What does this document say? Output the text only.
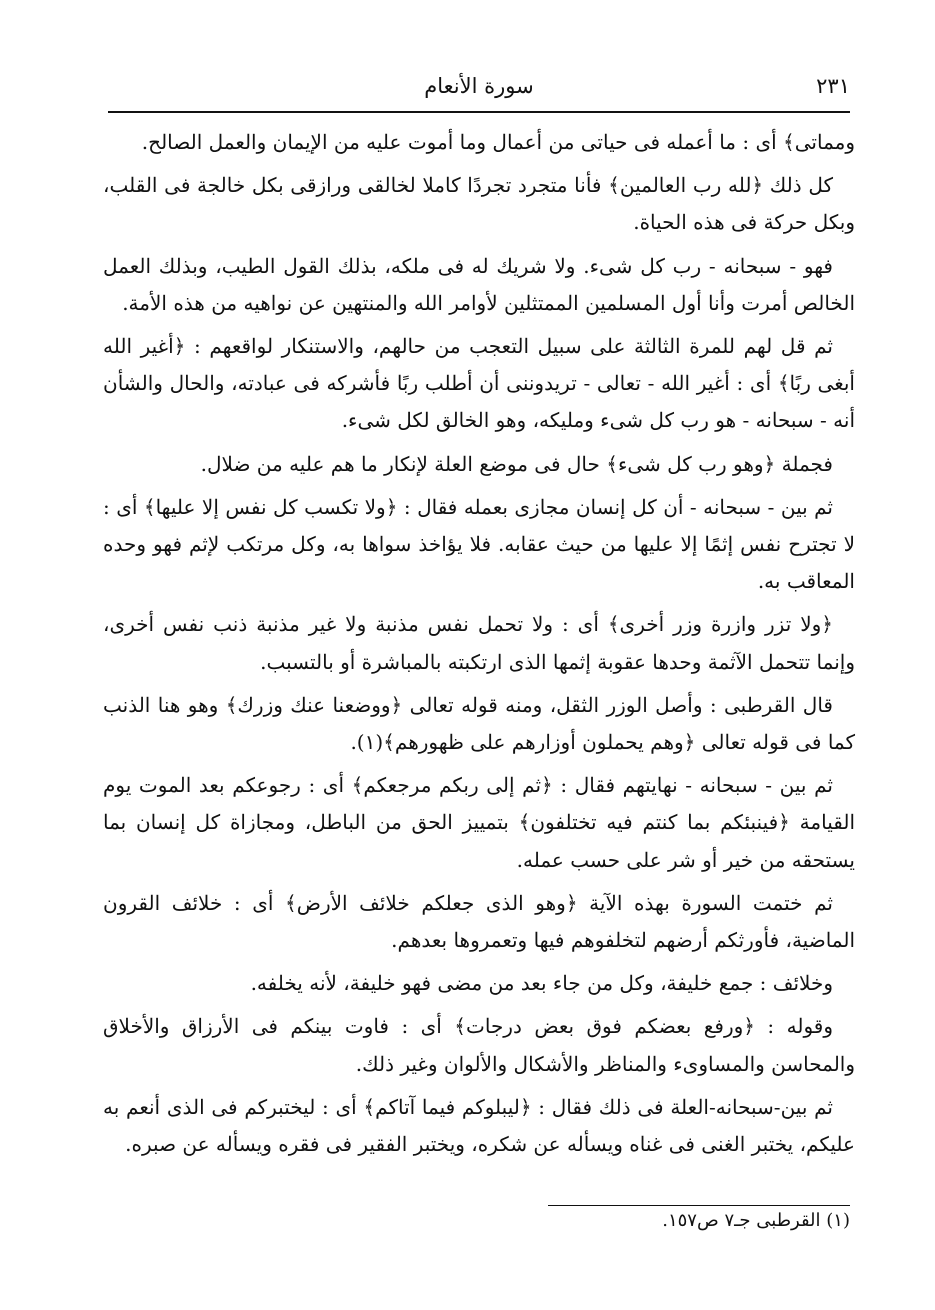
٢٣١
سورة الأنعام

ومماتى﴾ أى : ما أعمله فى حياتى من أعمال وما أموت عليه من الإيمان والعمل الصالح.

كل ذلك ﴿لله رب العالمين﴾ فأنا متجرد تجردًا كاملا لخالقى ورازقى بكل خالجة فى القلب، وبكل حركة فى هذه الحياة.

فهو - سبحانه - رب كل شىء. ولا شريك له فى ملكه، بذلك القول الطيب، وبذلك العمل الخالص أمرت وأنا أول المسلمين الممتثلين لأوامر الله والمنتهين عن نواهيه من هذه الأمة.

ثم قل لهم للمرة الثالثة على سبيل التعجب من حالهم، والاستنكار لواقعهم : ﴿أغير الله أبغى ربًا﴾ أى : أغير الله - تعالى - تريدوننى أن أطلب ربًا فأشركه فى عبادته، والحال والشأن أنه - سبحانه - هو رب كل شىء ومليكه، وهو الخالق لكل شىء.

فجملة ﴿وهو رب كل شىء﴾ حال فى موضع العلة لإنكار ما هم عليه من ضلال.

ثم بين - سبحانه - أن كل إنسان مجازى بعمله فقال : ﴿ولا تكسب كل نفس إلا عليها﴾ أى : لا تجترح نفس إثمًا إلا عليها من حيث عقابه. فلا يؤاخذ سواها به، وكل مرتكب لإثم فهو وحده المعاقب به.

﴿ولا تزر وازرة وزر أخرى﴾ أى : ولا تحمل نفس مذنبة ولا غير مذنبة ذنب نفس أخرى، وإنما تتحمل الآثمة وحدها عقوبة إثمها الذى ارتكبته بالمباشرة أو بالتسبب.

قال القرطبى : وأصل الوزر الثقل، ومنه قوله تعالى ﴿ووضعنا عنك وزرك﴾ وهو هنا الذنب كما فى قوله تعالى ﴿وهم يحملون أوزارهم على ظهورهم﴾(١).

ثم بين - سبحانه - نهايتهم فقال : ﴿ثم إلى ربكم مرجعكم﴾ أى : رجوعكم بعد الموت يوم القيامة ﴿فينبئكم بما كنتم فيه تختلفون﴾ بتمييز الحق من الباطل، ومجازاة كل إنسان بما يستحقه من خير أو شر على حسب عمله.

ثم ختمت السورة بهذه الآية ﴿وهو الذى جعلكم خلائف الأرض﴾ أى : خلائف القرون الماضية، فأورثكم أرضهم لتخلفوهم فيها وتعمروها بعدهم.

وخلائف : جمع خليفة، وكل من جاء بعد من مضى فهو خليفة، لأنه يخلفه.

وقوله : ﴿ورفع بعضكم فوق بعض درجات﴾ أى : فاوت بينكم فى الأرزاق والأخلاق والمحاسن والمساوىء والمناظر والأشكال والألوان وغير ذلك.

ثم بين-سبحانه-العلة فى ذلك فقال : ﴿ليبلوكم فيما آتاكم﴾ أى : ليختبركم فى الذى أنعم به عليكم، يختبر الغنى فى غناه ويسأله عن شكره، ويختبر الفقير فى فقره ويسأله عن صبره.

(١) القرطبى جـ٧ ص١٥٧.
